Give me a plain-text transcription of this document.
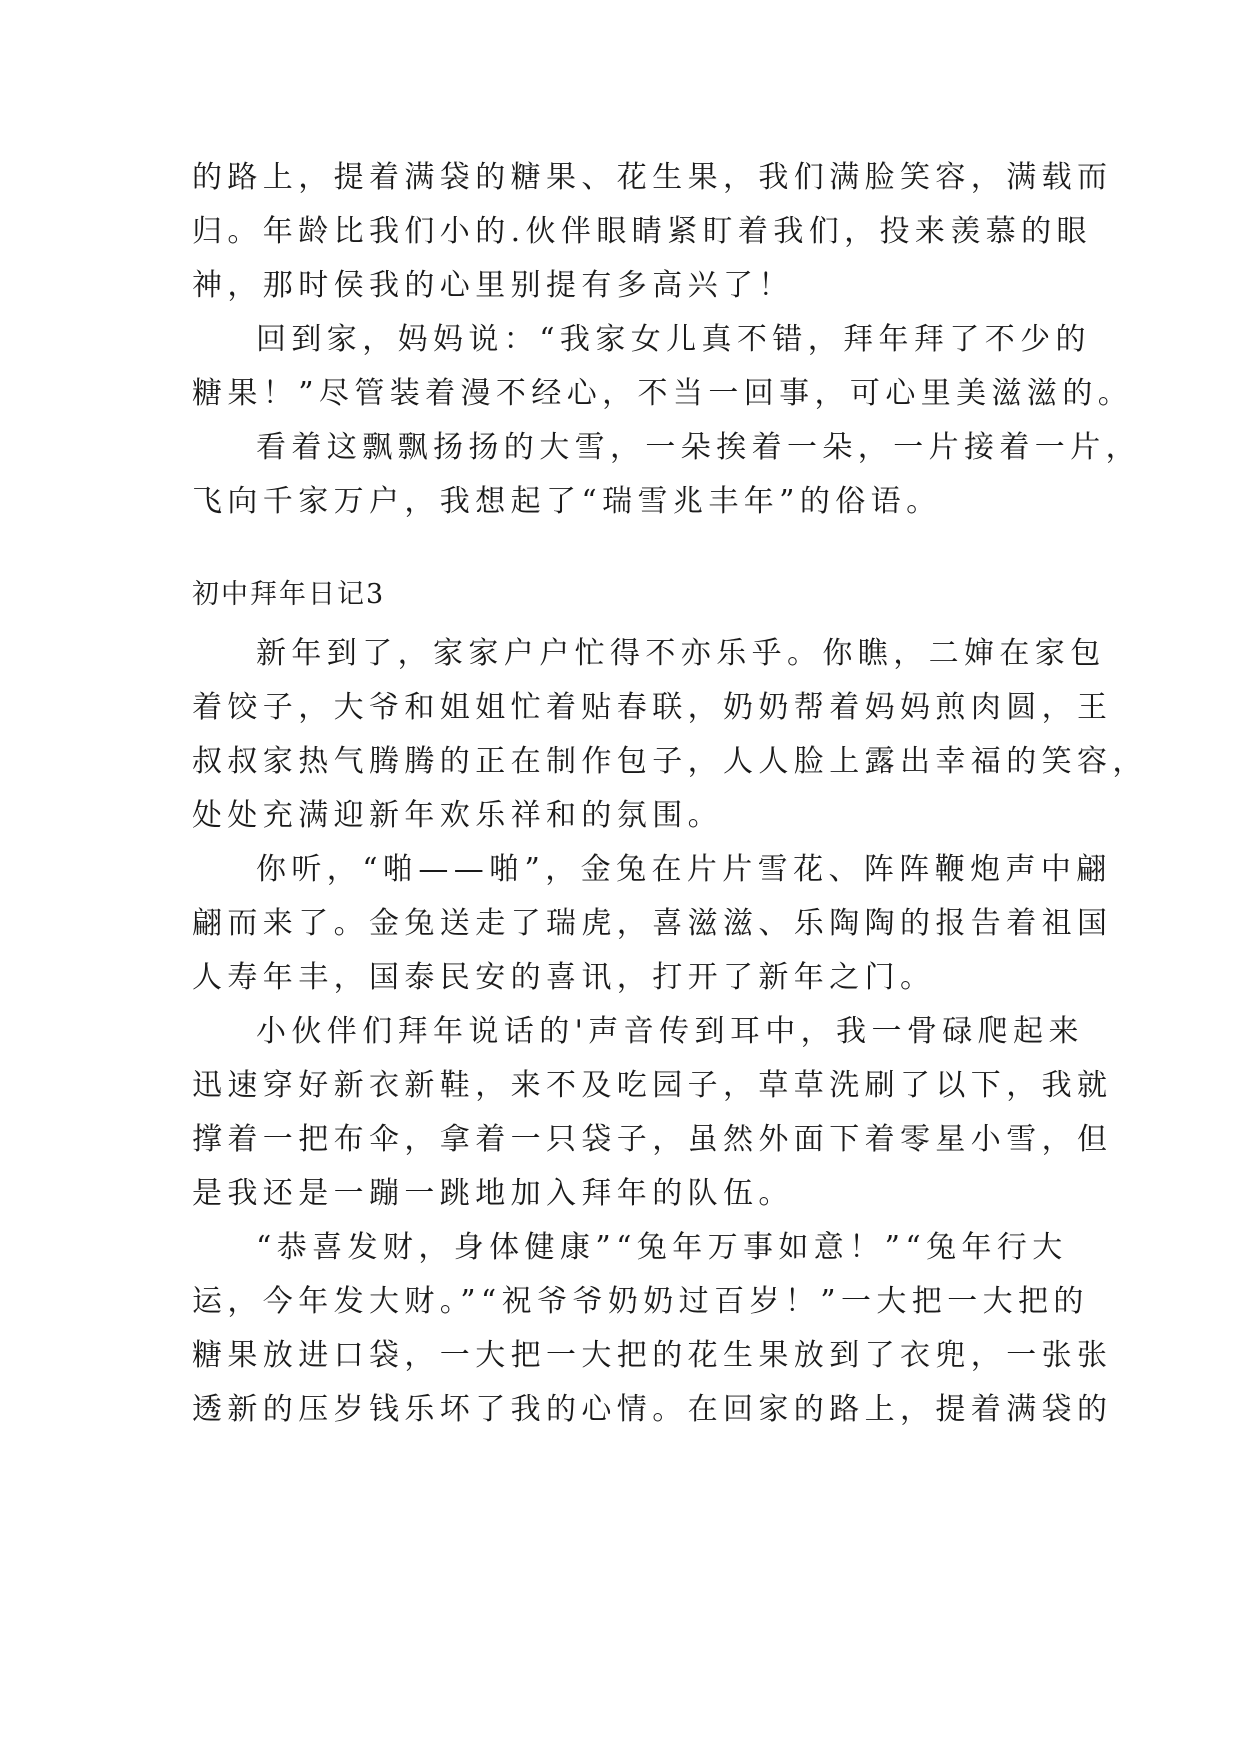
的路上，提着满袋的糖果、花生果，我们满脸笑容，满载而
归。年龄比我们小的.伙伴眼睛紧盯着我们，投来羡慕的眼
神，那时侯我的心里别提有多高兴了！
回到家，妈妈说：“我家女儿真不错，拜年拜了不少的
糖果！”尽管装着漫不经心，不当一回事，可心里美滋滋的。
看着这飘飘扬扬的大雪，一朵挨着一朵，一片接着一片，
飞向千家万户，我想起了“瑞雪兆丰年”的俗语。
初中拜年日记3
新年到了，家家户户忙得不亦乐乎。你瞧，二婶在家包
着饺子，大爷和姐姐忙着贴春联，奶奶帮着妈妈煎肉圆，王
叔叔家热气腾腾的正在制作包子，人人脸上露出幸福的笑容，
处处充满迎新年欢乐祥和的氛围。
你听，“啪——啪”，金兔在片片雪花、阵阵鞭炮声中翩
翩而来了。金兔送走了瑞虎，喜滋滋、乐陶陶的报告着祖国
人寿年丰，国泰民安的喜讯，打开了新年之门。
小伙伴们拜年说话的'声音传到耳中，我一骨碌爬起来
迅速穿好新衣新鞋，来不及吃园子，草草洗刷了以下，我就
撑着一把布伞，拿着一只袋子，虽然外面下着零星小雪，但
是我还是一蹦一跳地加入拜年的队伍。
“恭喜发财，身体健康”“兔年万事如意！”“兔年行大
运，今年发大财。”“祝爷爷奶奶过百岁！”一大把一大把的
糖果放进口袋，一大把一大把的花生果放到了衣兜，一张张
透新的压岁钱乐坏了我的心情。在回家的路上，提着满袋的
